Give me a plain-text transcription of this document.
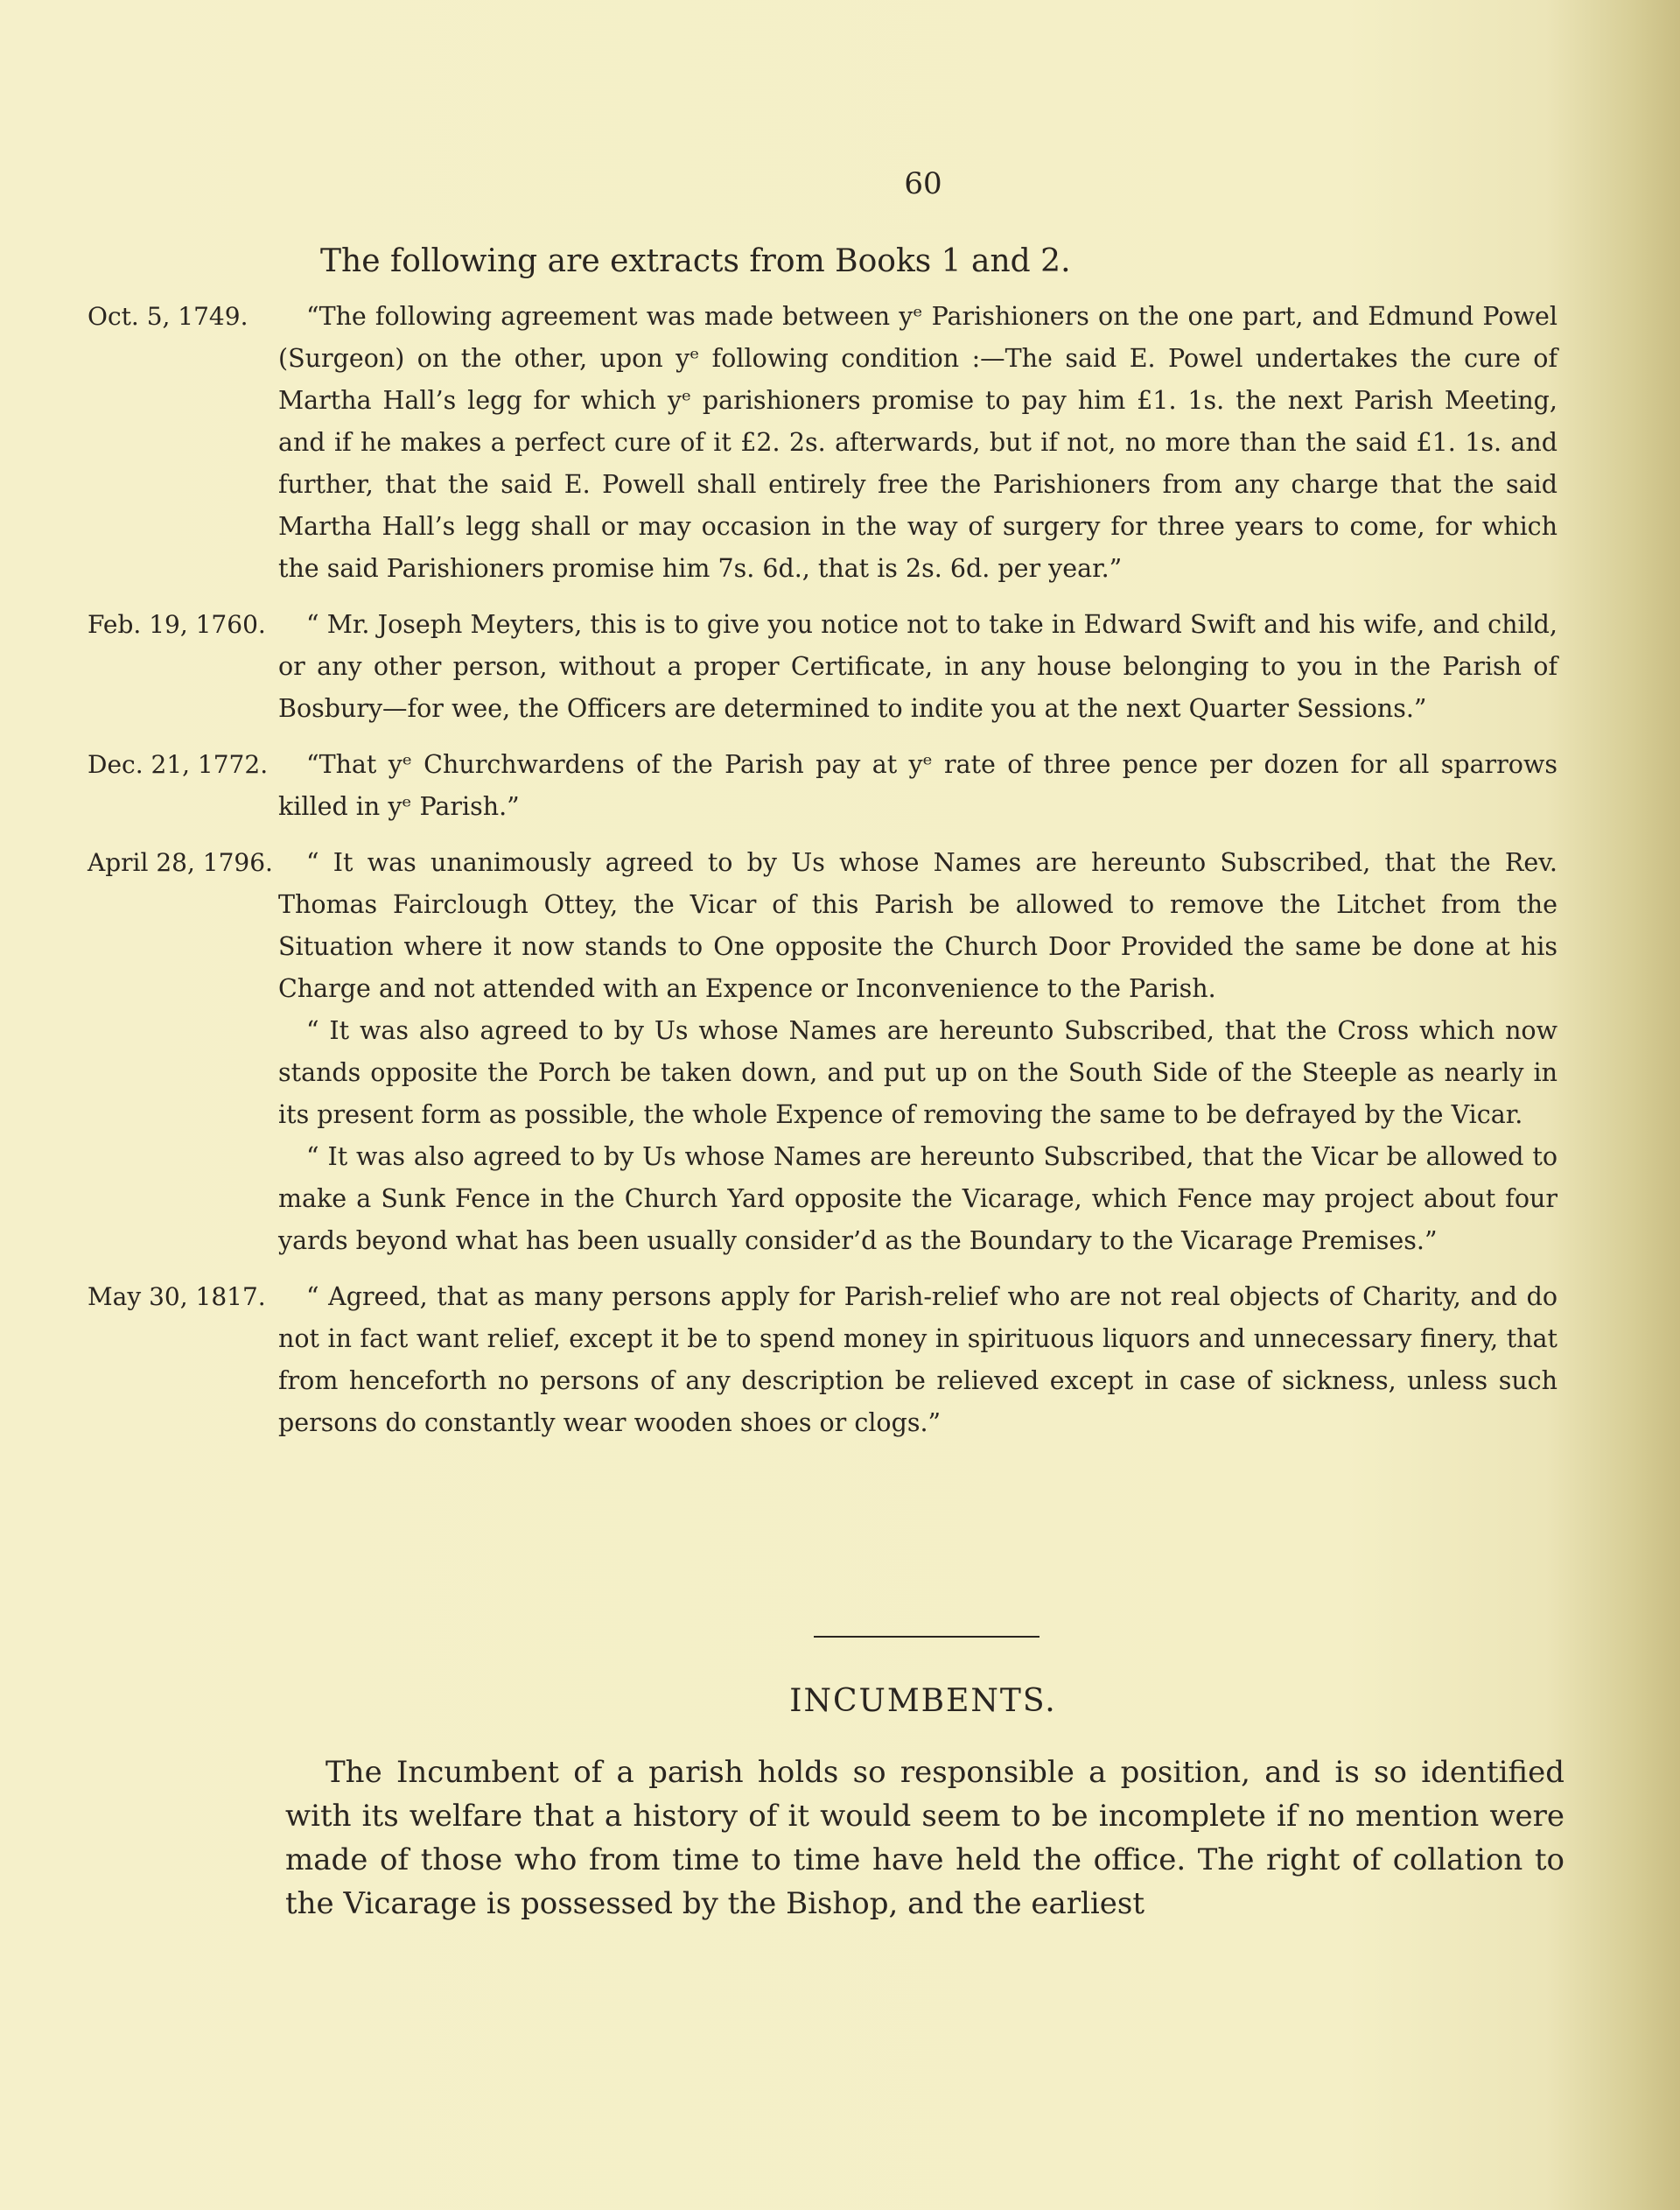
60
The following are extracts from Books 1 and 2.
Oct. 5, 1749.	“The following agreement was made between yᵉ Parishioners on the one part, and Edmund Powel (Surgeon) on the other, upon yᵉ following condition :—The said E. Powel undertakes the cure of Martha Hall’s legg for which yᵉ parishioners promise to pay him £1. 1s. the next Parish Meeting, and if he makes a perfect cure of it £2. 2s. afterwards, but if not, no more than the said £1. 1s. and further, that the said E. Powell shall entirely free the Parishioners from any charge that the said Martha Hall’s legg shall or may occasion in the way of surgery for three years to come, for which the said Parishioners promise him 7s. 6d., that is 2s. 6d. per year.”

Feb. 19, 1760.	“ Mr. Joseph Meyters, this is to give you notice not to take in Edward Swift and his wife, and child, or any other person, without a proper Certificate, in any house belonging to you in the Parish of Bosbury—for wee, the Officers are determined to indite you at the next Quarter Sessions.”

Dec. 21, 1772.	“That yᵉ Churchwardens of the Parish pay at yᵉ rate of three pence per dozen for all sparrows killed in yᵉ Parish.”

April 28, 1796.	“ It was unanimously agreed to by Us whose Names are hereunto Subscribed, that the Rev. Thomas Fairclough Ottey, the Vicar of this Parish be allowed to remove the Litchet from the Situation where it now stands to One opposite the Church Door Provided the same be done at his Charge and not attended with an Expence or Inconvenience to the Parish.

“ It was also agreed to by Us whose Names are hereunto Subscribed, that the Cross which now stands opposite the Porch be taken down, and put up on the South Side of the Steeple as nearly in its present form as possible, the whole Expence of removing the same to be defrayed by the Vicar.

“ It was also agreed to by Us whose Names are hereunto Subscribed, that the Vicar be allowed to make a Sunk Fence in the Church Yard opposite the Vicarage, which Fence may project about four yards beyond what has been usually consider’d as the Boundary to the Vicarage Premises.”

May 30, 1817.	“ Agreed, that as many persons apply for Parish-relief who are not real objects of Charity, and do not in fact want relief, except it be to spend money in spirituous liquors and unnecessary finery, that from henceforth no persons of any description be relieved except in case of sickness, unless such persons do constantly wear wooden shoes or clogs.”

INCUMBENTS.

The Incumbent of a parish holds so responsible a position, and is so identified with its welfare that a history of it would seem to be incomplete if no mention were made of those who from time to time have held the office. The right of collation to the Vicarage is possessed by the Bishop, and the earliest
